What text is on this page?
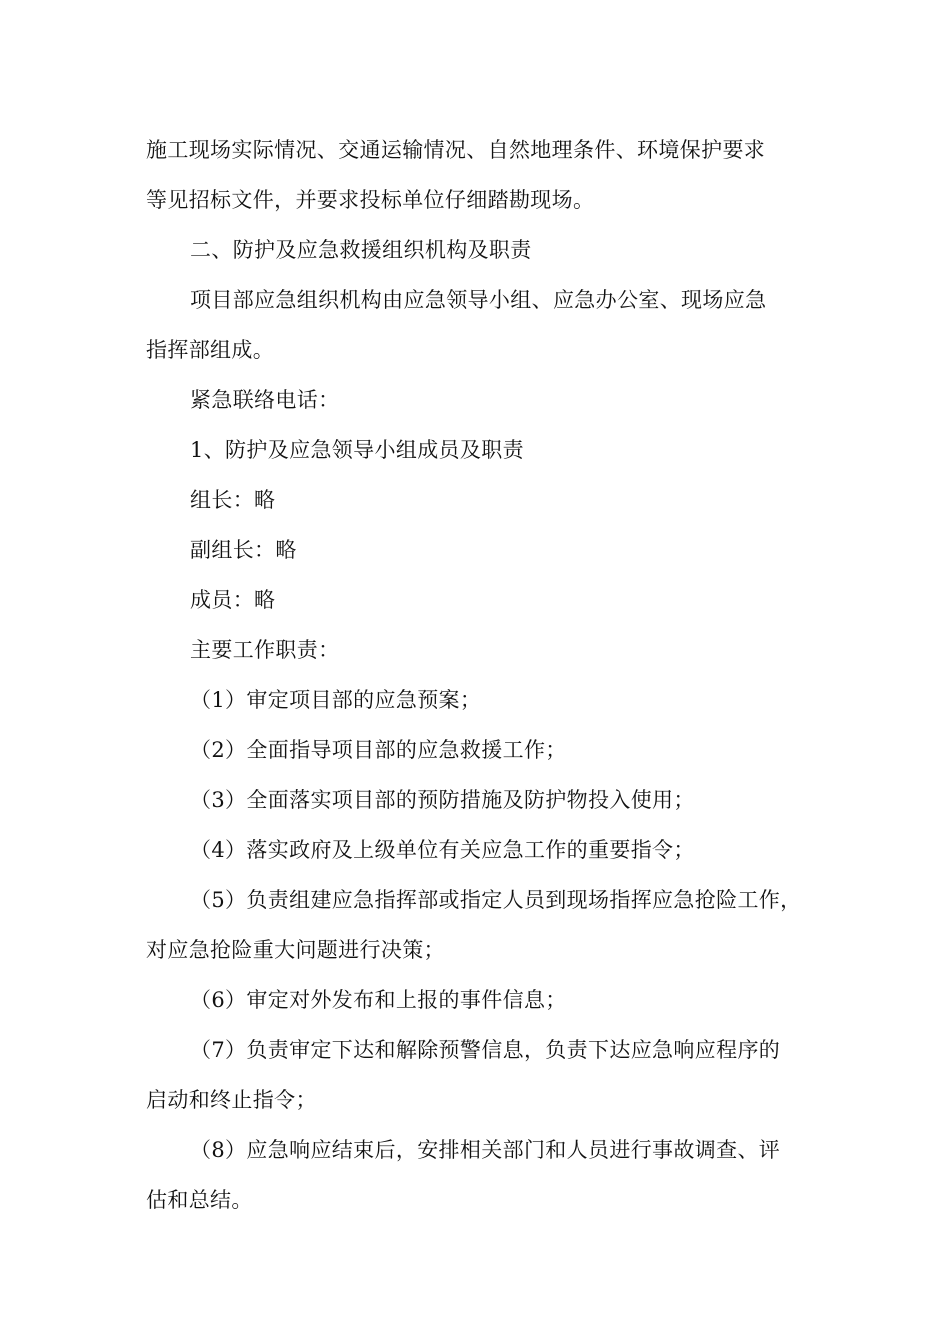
施工现场实际情况、交通运输情况、自然地理条件、环境保护要求
等见招标文件，并要求投标单位仔细踏勘现场。
二、防护及应急救援组织机构及职责
项目部应急组织机构由应急领导小组、应急办公室、现场应急
指挥部组成。
紧急联络电话：
1、防护及应急领导小组成员及职责
组长：略
副组长：略
成员：略
主要工作职责：
（1）审定项目部的应急预案；
（2）全面指导项目部的应急救援工作；
（3）全面落实项目部的预防措施及防护物投入使用；
（4）落实政府及上级单位有关应急工作的重要指令；
（5）负责组建应急指挥部或指定人员到现场指挥应急抢险工作，
对应急抢险重大问题进行决策；
（6）审定对外发布和上报的事件信息；
（7）负责审定下达和解除预警信息，负责下达应急响应程序的
启动和终止指令；
（8）应急响应结束后，安排相关部门和人员进行事故调查、评
估和总结。
